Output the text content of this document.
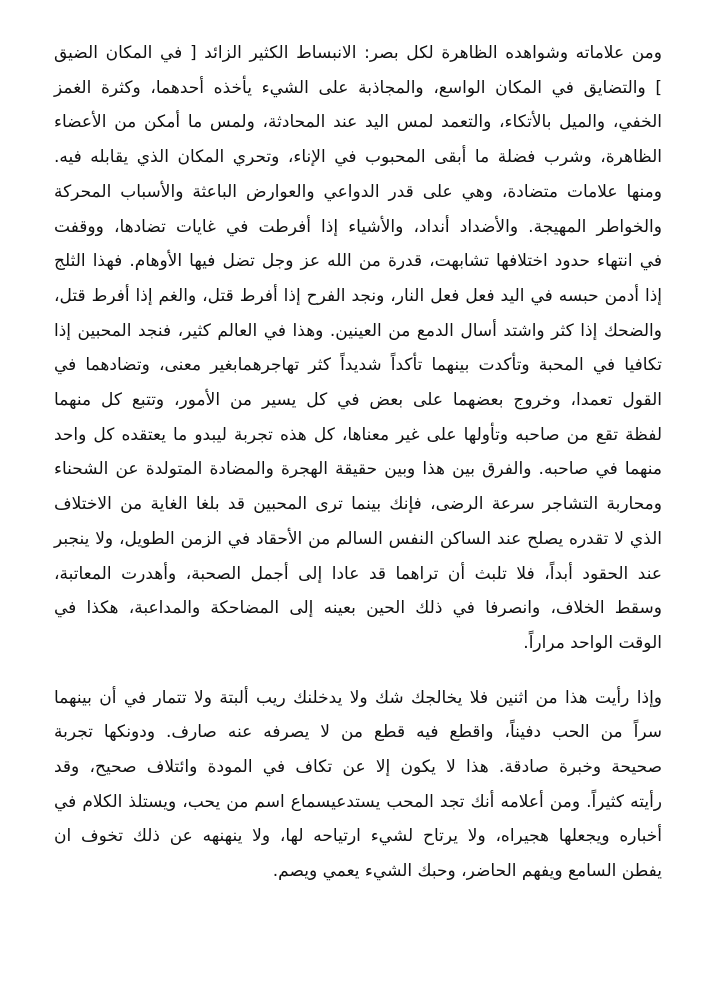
ومن علاماته وشواهده الظاهرة لكل بصر: الانبساط الكثير الزائد [ في المكان الضيق
] والتضايق في المكان الواسع، والمجاذبة على الشيء يأخذه أحدهما، وكثرة الغمز
الخفي، والميل بالأتكاء، والتعمد لمس اليد عند المحادثة، ولمس ما أمكن من الأعضاء
الظاهرة، وشرب فضلة ما أبقى المحبوب في الإناء، وتحري المكان الذي يقابله فيه.
ومنها علامات متضادة، وهي على قدر الدواعي والعوارض الباعثة والأسباب المحركة
والخواطر المهيجة. والأضداد أنداد، والأشياء إذا أفرطت في غايات تضادها، ووقفت
في انتهاء حدود اختلافها تشابهت، قدرة من الله عز وجل تضل فيها الأوهام. فهذا الثلج
إذا أدمن حبسه في اليد فعل فعل النار، ونجد الفرح إذا أفرط قتل، والغم إذا أفرط قتل،
والضحك إذا كثر واشتد أسال الدمع من العينين. وهذا في العالم كثير، فنجد المحبين إذا
تكافيا في المحبة وتأكدت بينهما تأكداً شديداً كثر تهاجرهمابغير معنى، وتضادهما في
القول تعمدا، وخروج بعضهما على بعض في كل يسير من الأمور، وتتبع كل منهما
لفظة تقع من صاحبه وتأولها على غير معناها، كل هذه تجربة ليبدو ما يعتقده كل واحد
منهما في صاحبه. والفرق بين هذا وبين حقيقة الهجرة والمضادة المتولدة عن الشحناء
ومحاربة التشاجر سرعة الرضى، فإنك بينما ترى المحبين قد بلغا الغاية من الاختلاف
الذي لا تقدره يصلح عند الساكن النفس السالم من الأحقاد في الزمن الطويل، ولا ينجبر
عند الحقود أبداً، فلا تلبث أن تراهما قد عادا إلى أجمل الصحبة، وأهدرت المعاتبة،
وسقط الخلاف، وانصرفا في ذلك الحين بعينه إلى المضاحكة والمداعبة، هكذا في
الوقت الواحد مراراً.

وإذا رأيت هذا من اثنين فلا يخالجك شك ولا يدخلنك ريب ألبتة ولا تتمار في أن بينهما
سراً من الحب دفيناً، واقطع فيه قطع من لا يصرفه عنه صارف. ودونكها تجربة
صحيحة وخبرة صادقة. هذا لا يكون إلا عن تكاف في المودة وائتلاف صحيح، وقد
رأيته كثيراً. ومن أعلامه أنك تجد المحب يستدعيسماع اسم من يحب، ويستلذ الكلام في
أخباره ويجعلها هجيراه، ولا يرتاح لشيء ارتياحه لها، ولا ينهنهه عن ذلك تخوف ان
يفطن السامع ويفهم الحاضر، وحبك الشيء يعمي ويصم.
